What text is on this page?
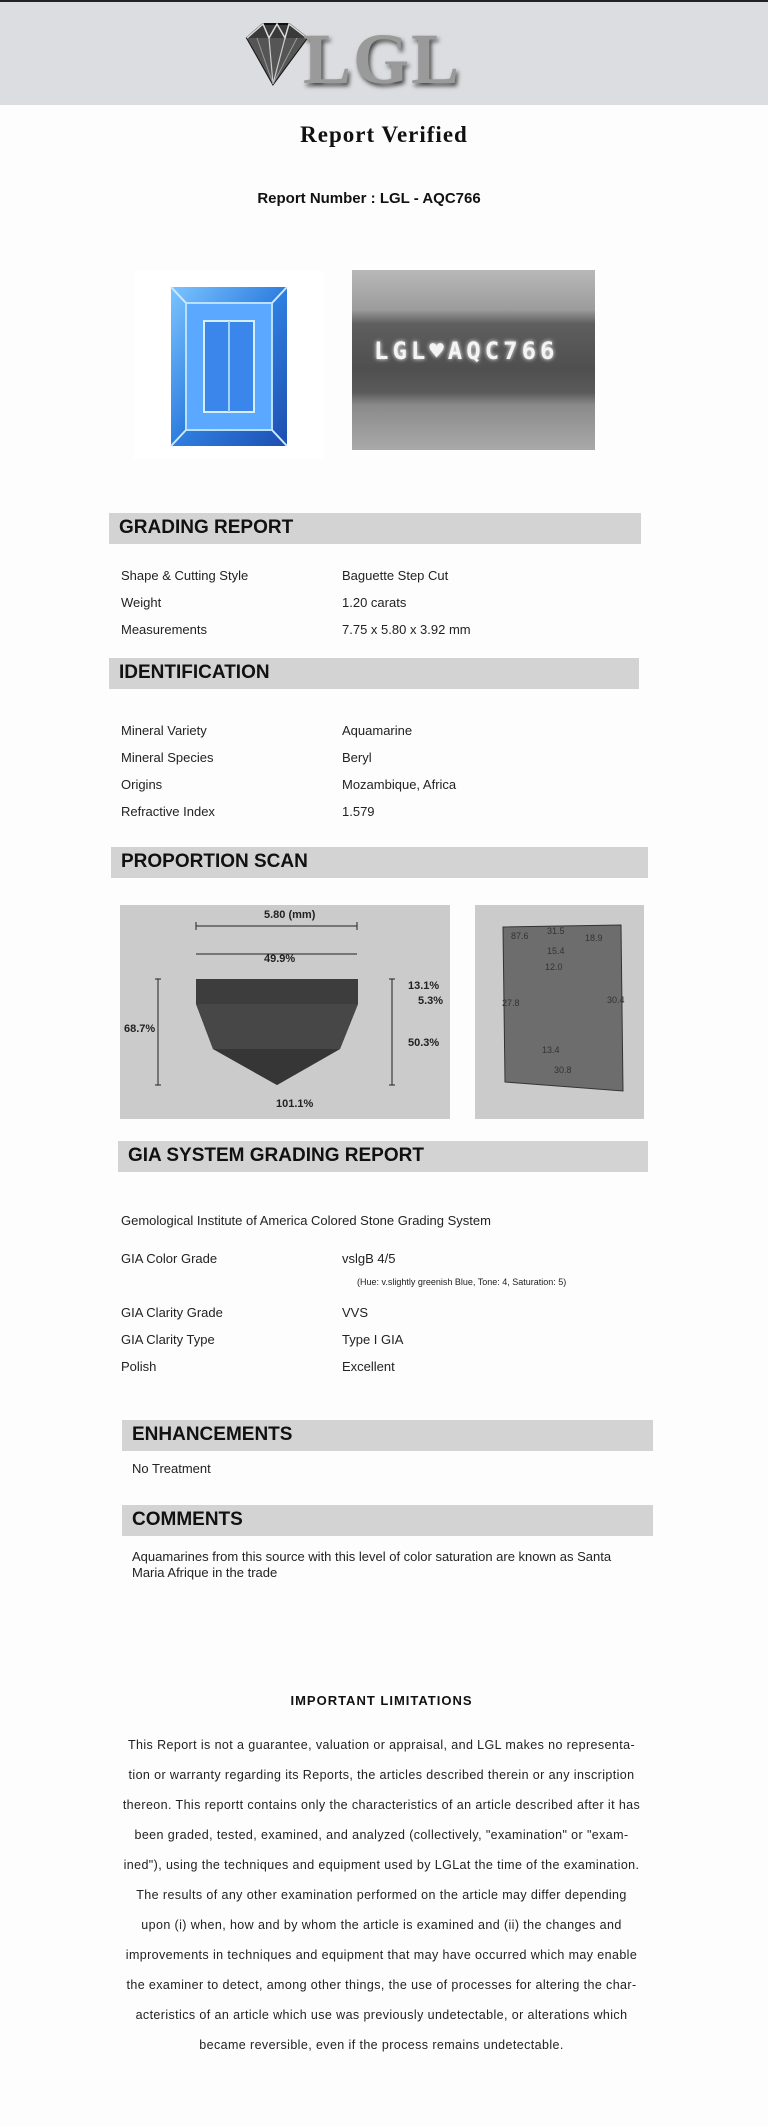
LGL
Report Verified
Report Number : LGL - AQC766
LGL♥AQC766
GRADING REPORT
Shape & Cutting Style	Baguette Step Cut
Weight	1.20 carats
Measurements	7.75 x 5.80 x 3.92 mm
IDENTIFICATION
Mineral Variety	Aquamarine
Mineral Species	Beryl
Origins	Mozambique, Africa
Refractive Index	1.579
PROPORTION SCAN
5.80 (mm)
49.9%
68.7%
13.1%
5.3%
50.3%
101.1%
87.6 31.5
18.9
15.4
12.0
27.8	30.4
13.4
30.8
GIA SYSTEM GRADING REPORT
Gemological Institute of America Colored Stone Grading System
GIA Color Grade	vslgB 4/5
(Hue: v.slightly greenish Blue, Tone: 4, Saturation: 5)
GIA Clarity Grade	VVS
GIA Clarity Type	Type I GIA
Polish	Excellent
ENHANCEMENTS
No Treatment
COMMENTS
Aquamarines from this source with this level of color saturation are known as Santa
Maria Afrique in the trade
IMPORTANT LIMITATIONS
This Report is not a guarantee, valuation or appraisal, and LGL makes no representa-
tion or warranty regarding its Reports, the articles described therein or any inscription
thereon. This reportt contains only the characteristics of an article described after it has
been graded, tested, examined, and analyzed (collectively, "examination" or "exam-
ined"), using the techniques and equipment used by LGLat the time of the examination.
The results of any other examination performed on the article may differ depending
upon (i) when, how and by whom the article is examined and (ii) the changes and
improvements in techniques and equipment that may have occurred which may enable
the examiner to detect, among other things, the use of processes for altering the char-
acteristics of an article which use was previously undetectable, or alterations which
became reversible, even if the process remains undetectable.
